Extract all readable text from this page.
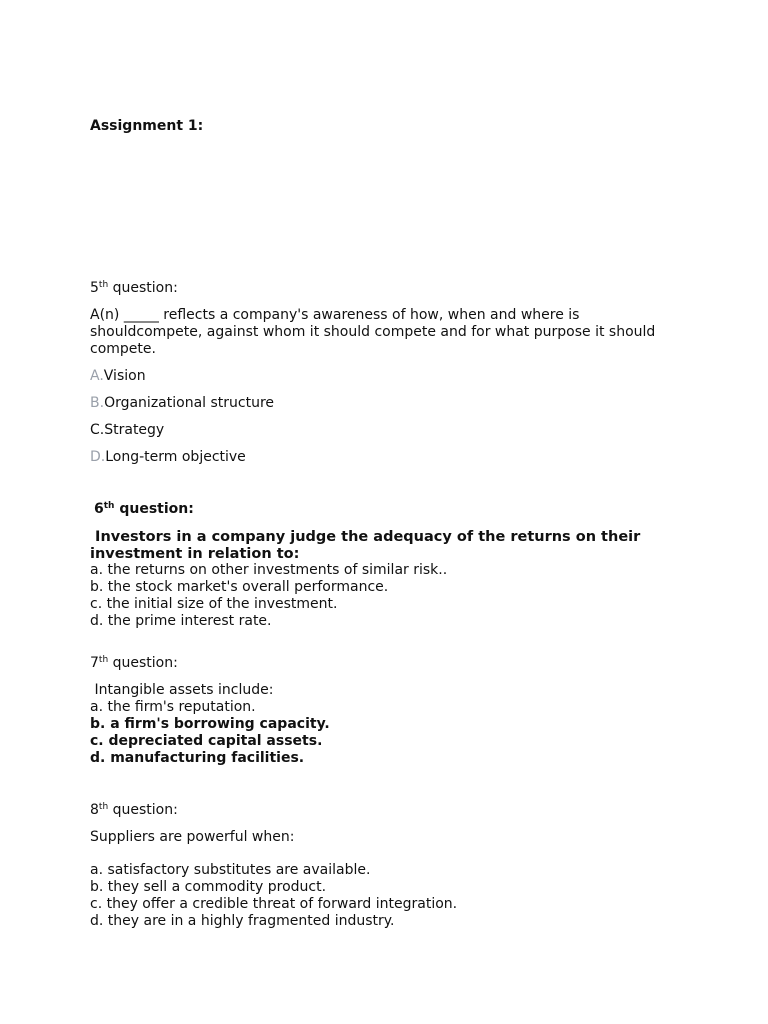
Assignment 1:
5th question:
A(n) _____ reflects a company's awareness of how, when and where is shouldcompete, against whom it should compete and for what purpose it should compete.
A.Vision
B.Organizational structure
C.Strategy
D.Long-term objective
6th question:
Investors in a company judge the adequacy of the returns on their
investment in relation to:
a. the returns on other investments of similar risk..
b. the stock market's overall performance.
c. the initial size of the investment.
d. the prime interest rate.
7th question:
Intangible assets include:
a. the firm's reputation.
b. a firm's borrowing capacity.
c. depreciated capital assets.
d. manufacturing facilities.
8th question:
Suppliers are powerful when:
a. satisfactory substitutes are available.
b. they sell a commodity product.
c. they offer a credible threat of forward integration.
d. they are in a highly fragmented industry.
